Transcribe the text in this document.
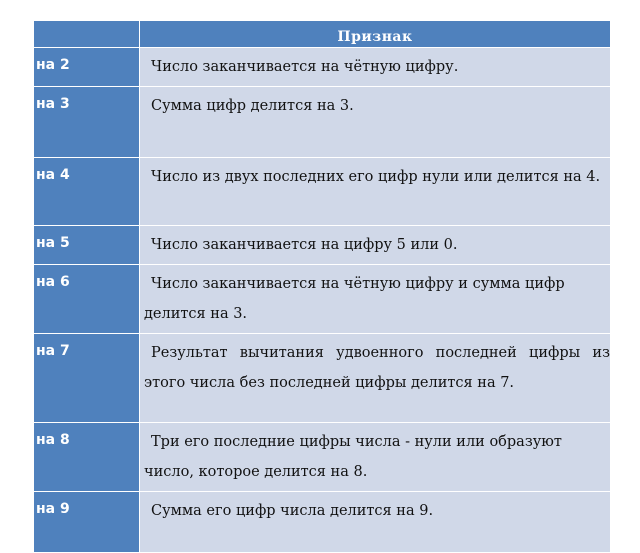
	Признак
на 2	Число заканчивается на чётную цифру.
на 3	Сумма цифр делится на 3.
на 4	Число из двух последних его цифр нули или делится на 4.
на 5	Число заканчивается на цифру 5 или 0.
на 6	Число заканчивается на чётную цифру и сумма цифр делится на 3.
на 7	Результат вычитания удвоенного последней цифры из этого числа без последней цифры делится на 7.
на 8	Три его последние цифры числа - нули или образуют число, которое делится на 8.
на 9	Сумма его цифр числа делится на 9.
